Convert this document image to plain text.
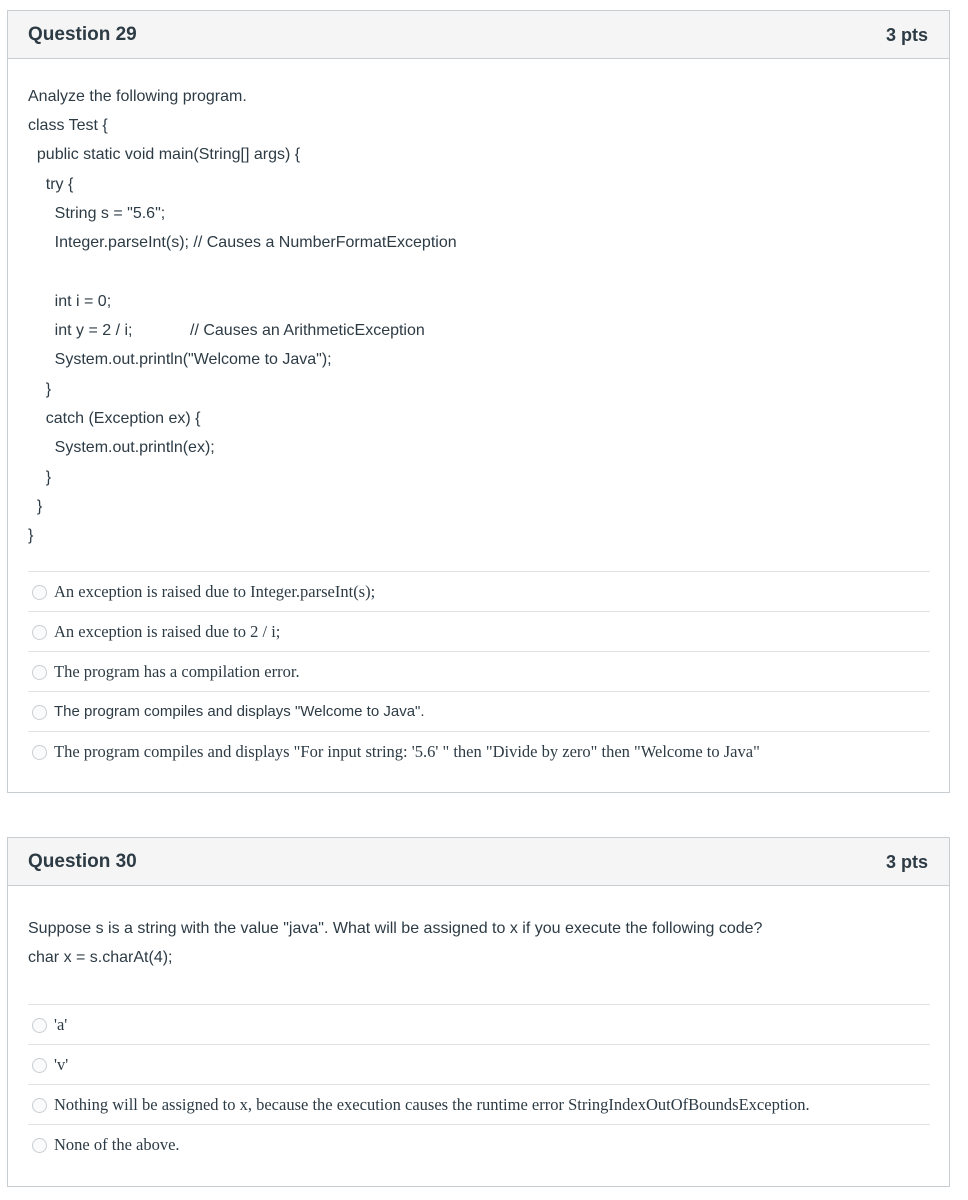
Question 29	3 pts
Analyze the following program.
class Test {
public static void main(String[] args) {
try {
String s = "5.6";
Integer.parseInt(s); // Causes a NumberFormatException
int i = 0;
int y = 2 / i;	// Causes an ArithmeticException
System.out.println("Welcome to Java");
}
catch (Exception ex) {
System.out.println(ex);
}
}
}
An exception is raised due to Integer.parseInt(s);
An exception is raised due to 2 / i;
The program has a compilation error.
The program compiles and displays "Welcome to Java".
The program compiles and displays "For input string: '5.6' " then "Divide by zero" then "Welcome to Java"
Question 30	3 pts
Suppose s is a string with the value "java". What will be assigned to x if you execute the following code?
char x = s.charAt(4);
'a'
'v'
Nothing will be assigned to x, because the execution causes the runtime error StringIndexOutOfBoundsException.
None of the above.
